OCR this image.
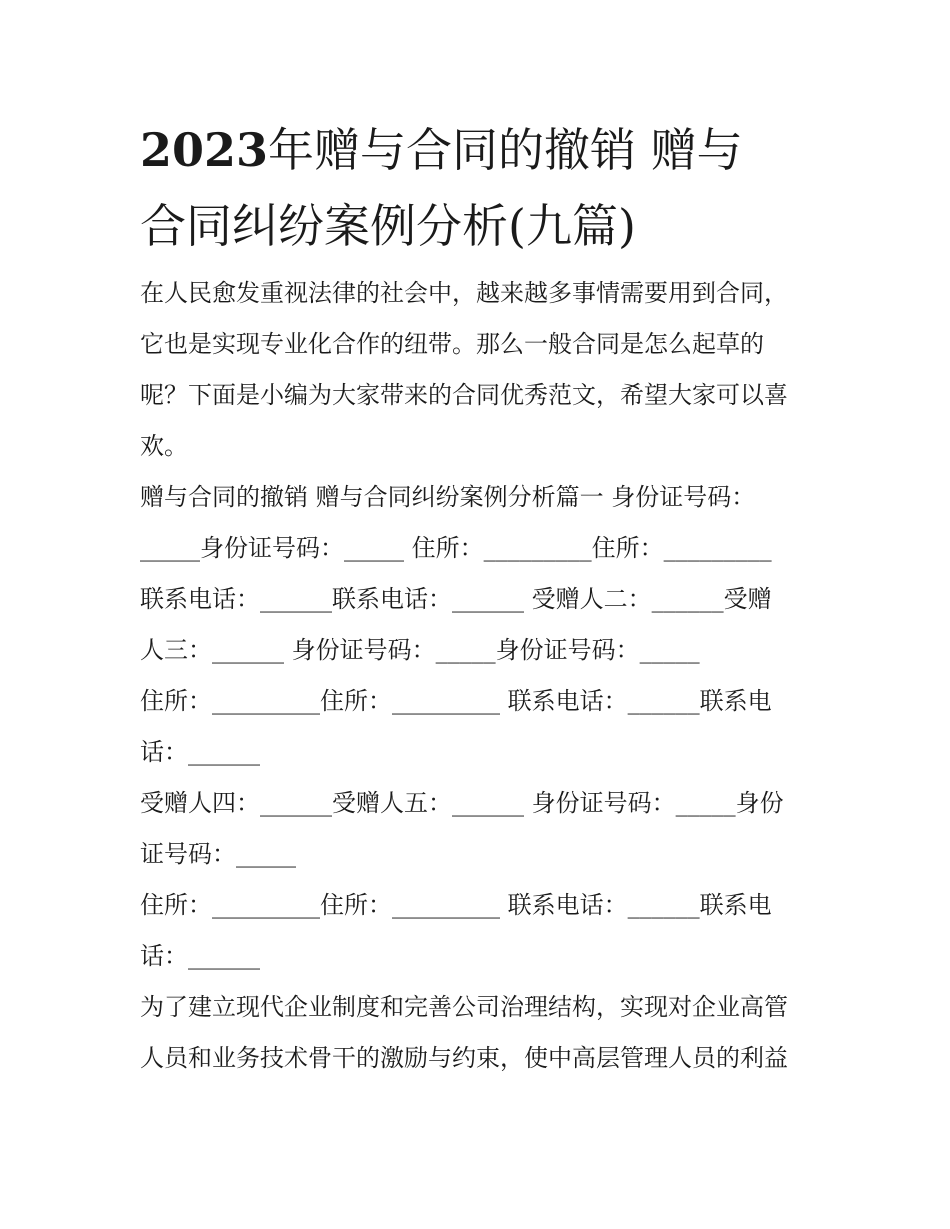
2023年赠与合同的撤销 赠与
合同纠纷案例分析(九篇)
在人民愈发重视法律的社会中，越来越多事情需要用到合同，
它也是实现专业化合作的纽带。那么一般合同是怎么起草的
呢？下面是小编为大家带来的合同优秀范文，希望大家可以喜
欢。
赠与合同的撤销 赠与合同纠纷案例分析篇一 身份证号码：
_____身份证号码：_____ 住所：_________住所：_________
联系电话：______联系电话：______ 受赠人二：______受赠
人三：______ 身份证号码：_____身份证号码：_____
住所：_________住所：_________ 联系电话：______联系电
话：______
受赠人四：______受赠人五：______ 身份证号码：_____身份
证号码：_____
住所：_________住所：_________ 联系电话：______联系电
话：______
为了建立现代企业制度和完善公司治理结构，实现对企业高管
人员和业务技术骨干的激励与约束，使中高层管理人员的利益
